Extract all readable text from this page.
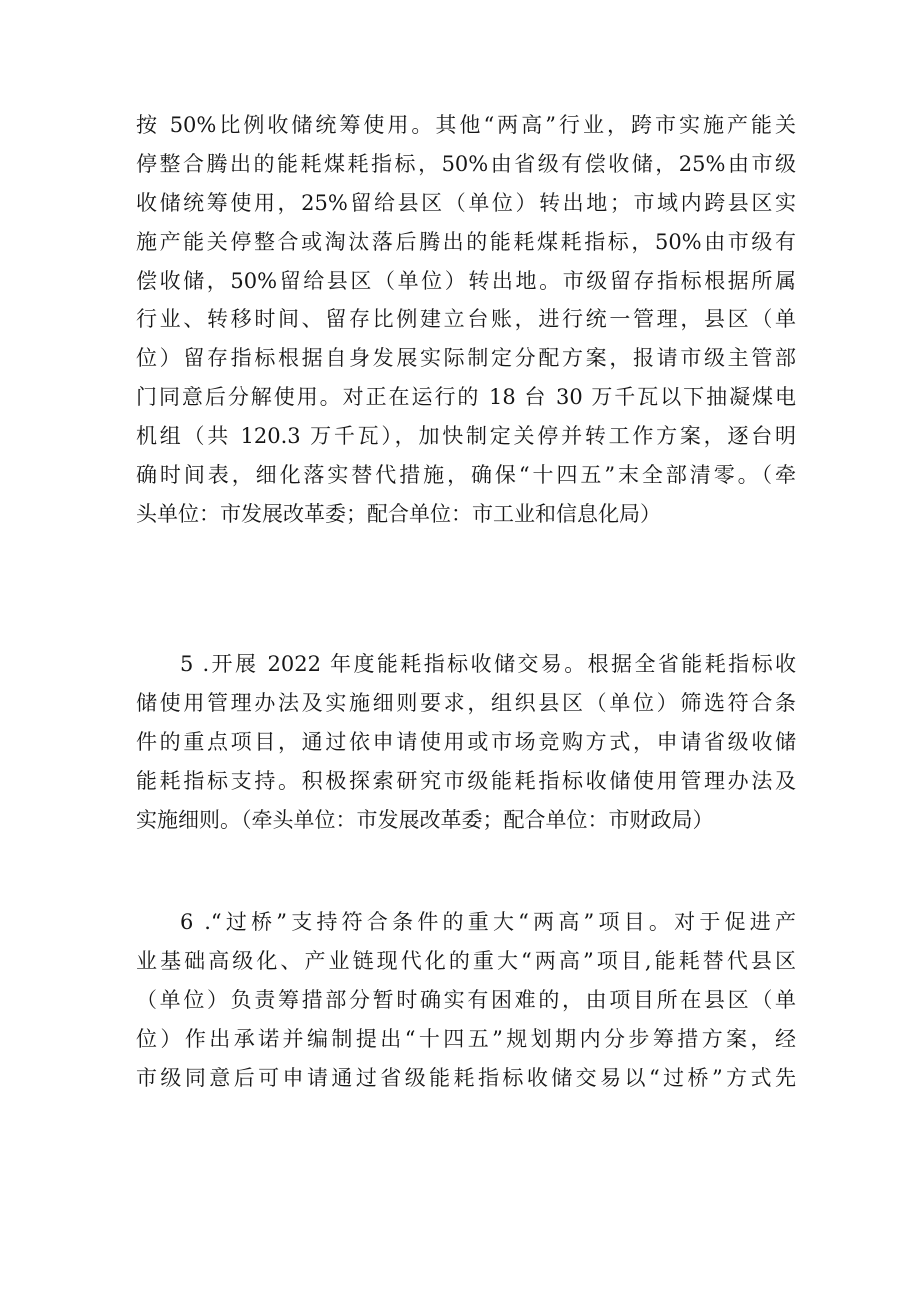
按 50%比例收储统筹使用。其他“两高”行业，跨市实施产能关
停整合腾出的能耗煤耗指标，50%由省级有偿收储，25%由市级
收储统筹使用，25%留给县区（单位）转出地；市域内跨县区实
施产能关停整合或淘汰落后腾出的能耗煤耗指标，50%由市级有
偿收储，50%留给县区（单位）转出地。市级留存指标根据所属
行业、转移时间、留存比例建立台账，进行统一管理，县区（单
位）留存指标根据自身发展实际制定分配方案，报请市级主管部
门同意后分解使用。对正在运行的 18 台 30 万千瓦以下抽凝煤电
机组（共 120.3 万千瓦），加快制定关停并转工作方案，逐台明
确时间表，细化落实替代措施，确保“十四五”末全部清零。（牵
头单位：市发展改革委；配合单位：市工业和信息化局）
5 .开展 2022 年度能耗指标收储交易。根据全省能耗指标收
储使用管理办法及实施细则要求，组织县区（单位）筛选符合条
件的重点项目，通过依申请使用或市场竞购方式，申请省级收储
能耗指标支持。积极探索研究市级能耗指标收储使用管理办法及
实施细则。（牵头单位：市发展改革委；配合单位：市财政局）
6 .“过桥”支持符合条件的重大“两高”项目。对于促进产
业基础高级化、产业链现代化的重大“两高”项目,能耗替代县区
（单位）负责筹措部分暂时确实有困难的，由项目所在县区（单
位）作出承诺并编制提出“十四五”规划期内分步筹措方案，经
市级同意后可申请通过省级能耗指标收储交易以“过桥”方式先
